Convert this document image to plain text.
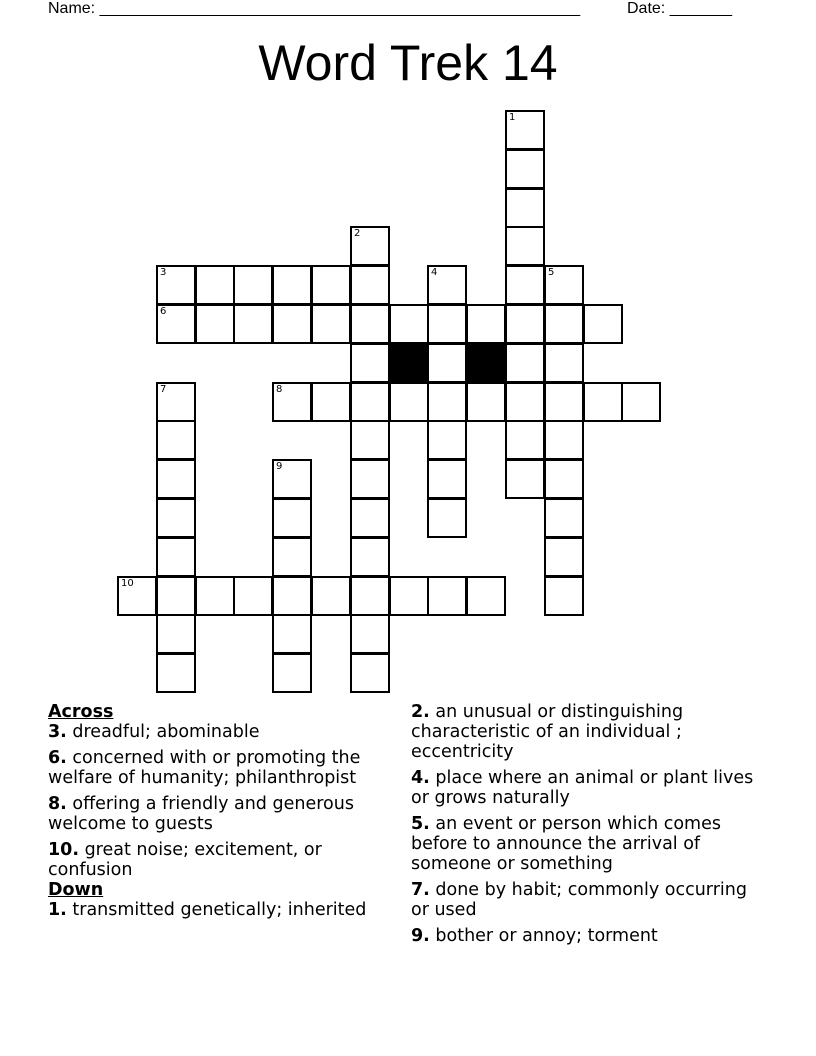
Name: ______________________________________________________	Date: _______
Word Trek 14
1
2
3	4	5
6
7	8
9
10

Across

3. dreadful; abominable

6. concerned with or promoting the welfare of humanity; philanthropist

8. offering a friendly and generous welcome to guests

10. great noise; excitement, or confusion

Down

1. transmitted genetically; inherited

2. an unusual or distinguishing characteristic of an individual ; eccentricity

4. place where an animal or plant lives or grows naturally

5. an event or person which comes before to announce the arrival of someone or something

7. done by habit; commonly occurring or used

9. bother or annoy; torment
